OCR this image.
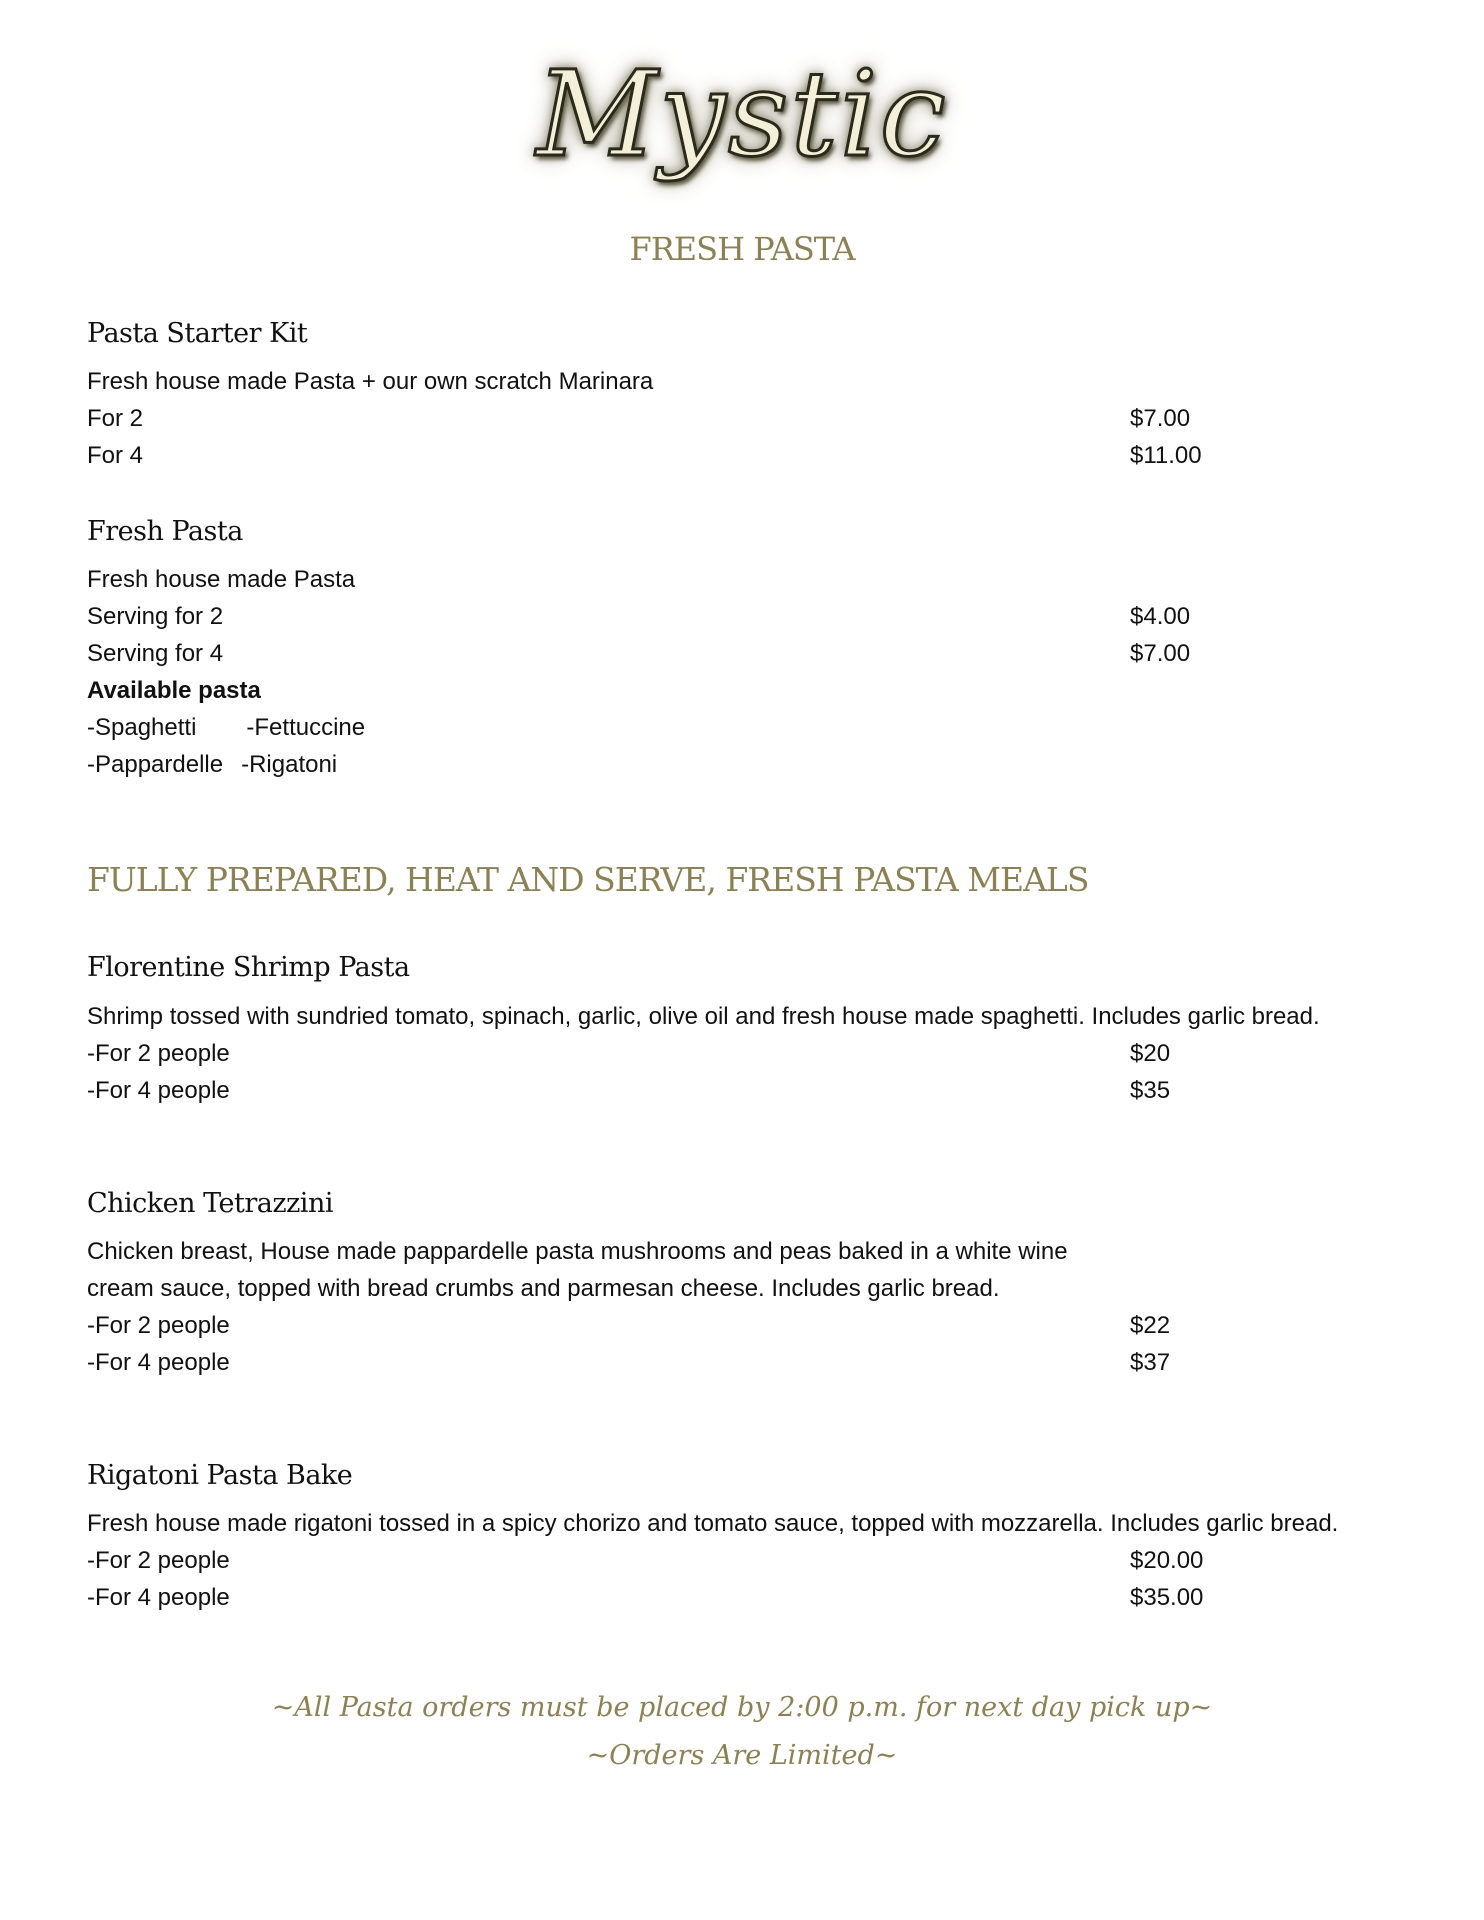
Mystic
FRESH PASTA
Pasta Starter Kit
Fresh house made Pasta + our own scratch Marinara
For 2	$7.00
For 4	$11.00
Fresh Pasta
Fresh house made Pasta
Serving for 2	$4.00
Serving for 4	$7.00
Available pasta
-Spaghetti -Fettuccine
-Pappardelle -Rigatoni
FULLY PREPARED, HEAT AND SERVE, FRESH PASTA MEALS
Florentine Shrimp Pasta
Shrimp tossed with sundried tomato, spinach, garlic, olive oil and fresh house made spaghetti. Includes garlic bread.
-For 2 people	$20
-For 4 people	$35
Chicken Tetrazzini
Chicken breast, House made pappardelle pasta mushrooms and peas baked in a white wine
cream sauce, topped with bread crumbs and parmesan cheese. Includes garlic bread.
-For 2 people	$22
-For 4 people	$37
Rigatoni Pasta Bake
Fresh house made rigatoni tossed in a spicy chorizo and tomato sauce, topped with mozzarella. Includes garlic bread.
-For 2 people	$20.00
-For 4 people	$35.00
~All Pasta orders must be placed by 2:00 p.m. for next day pick up~
~Orders Are Limited~
